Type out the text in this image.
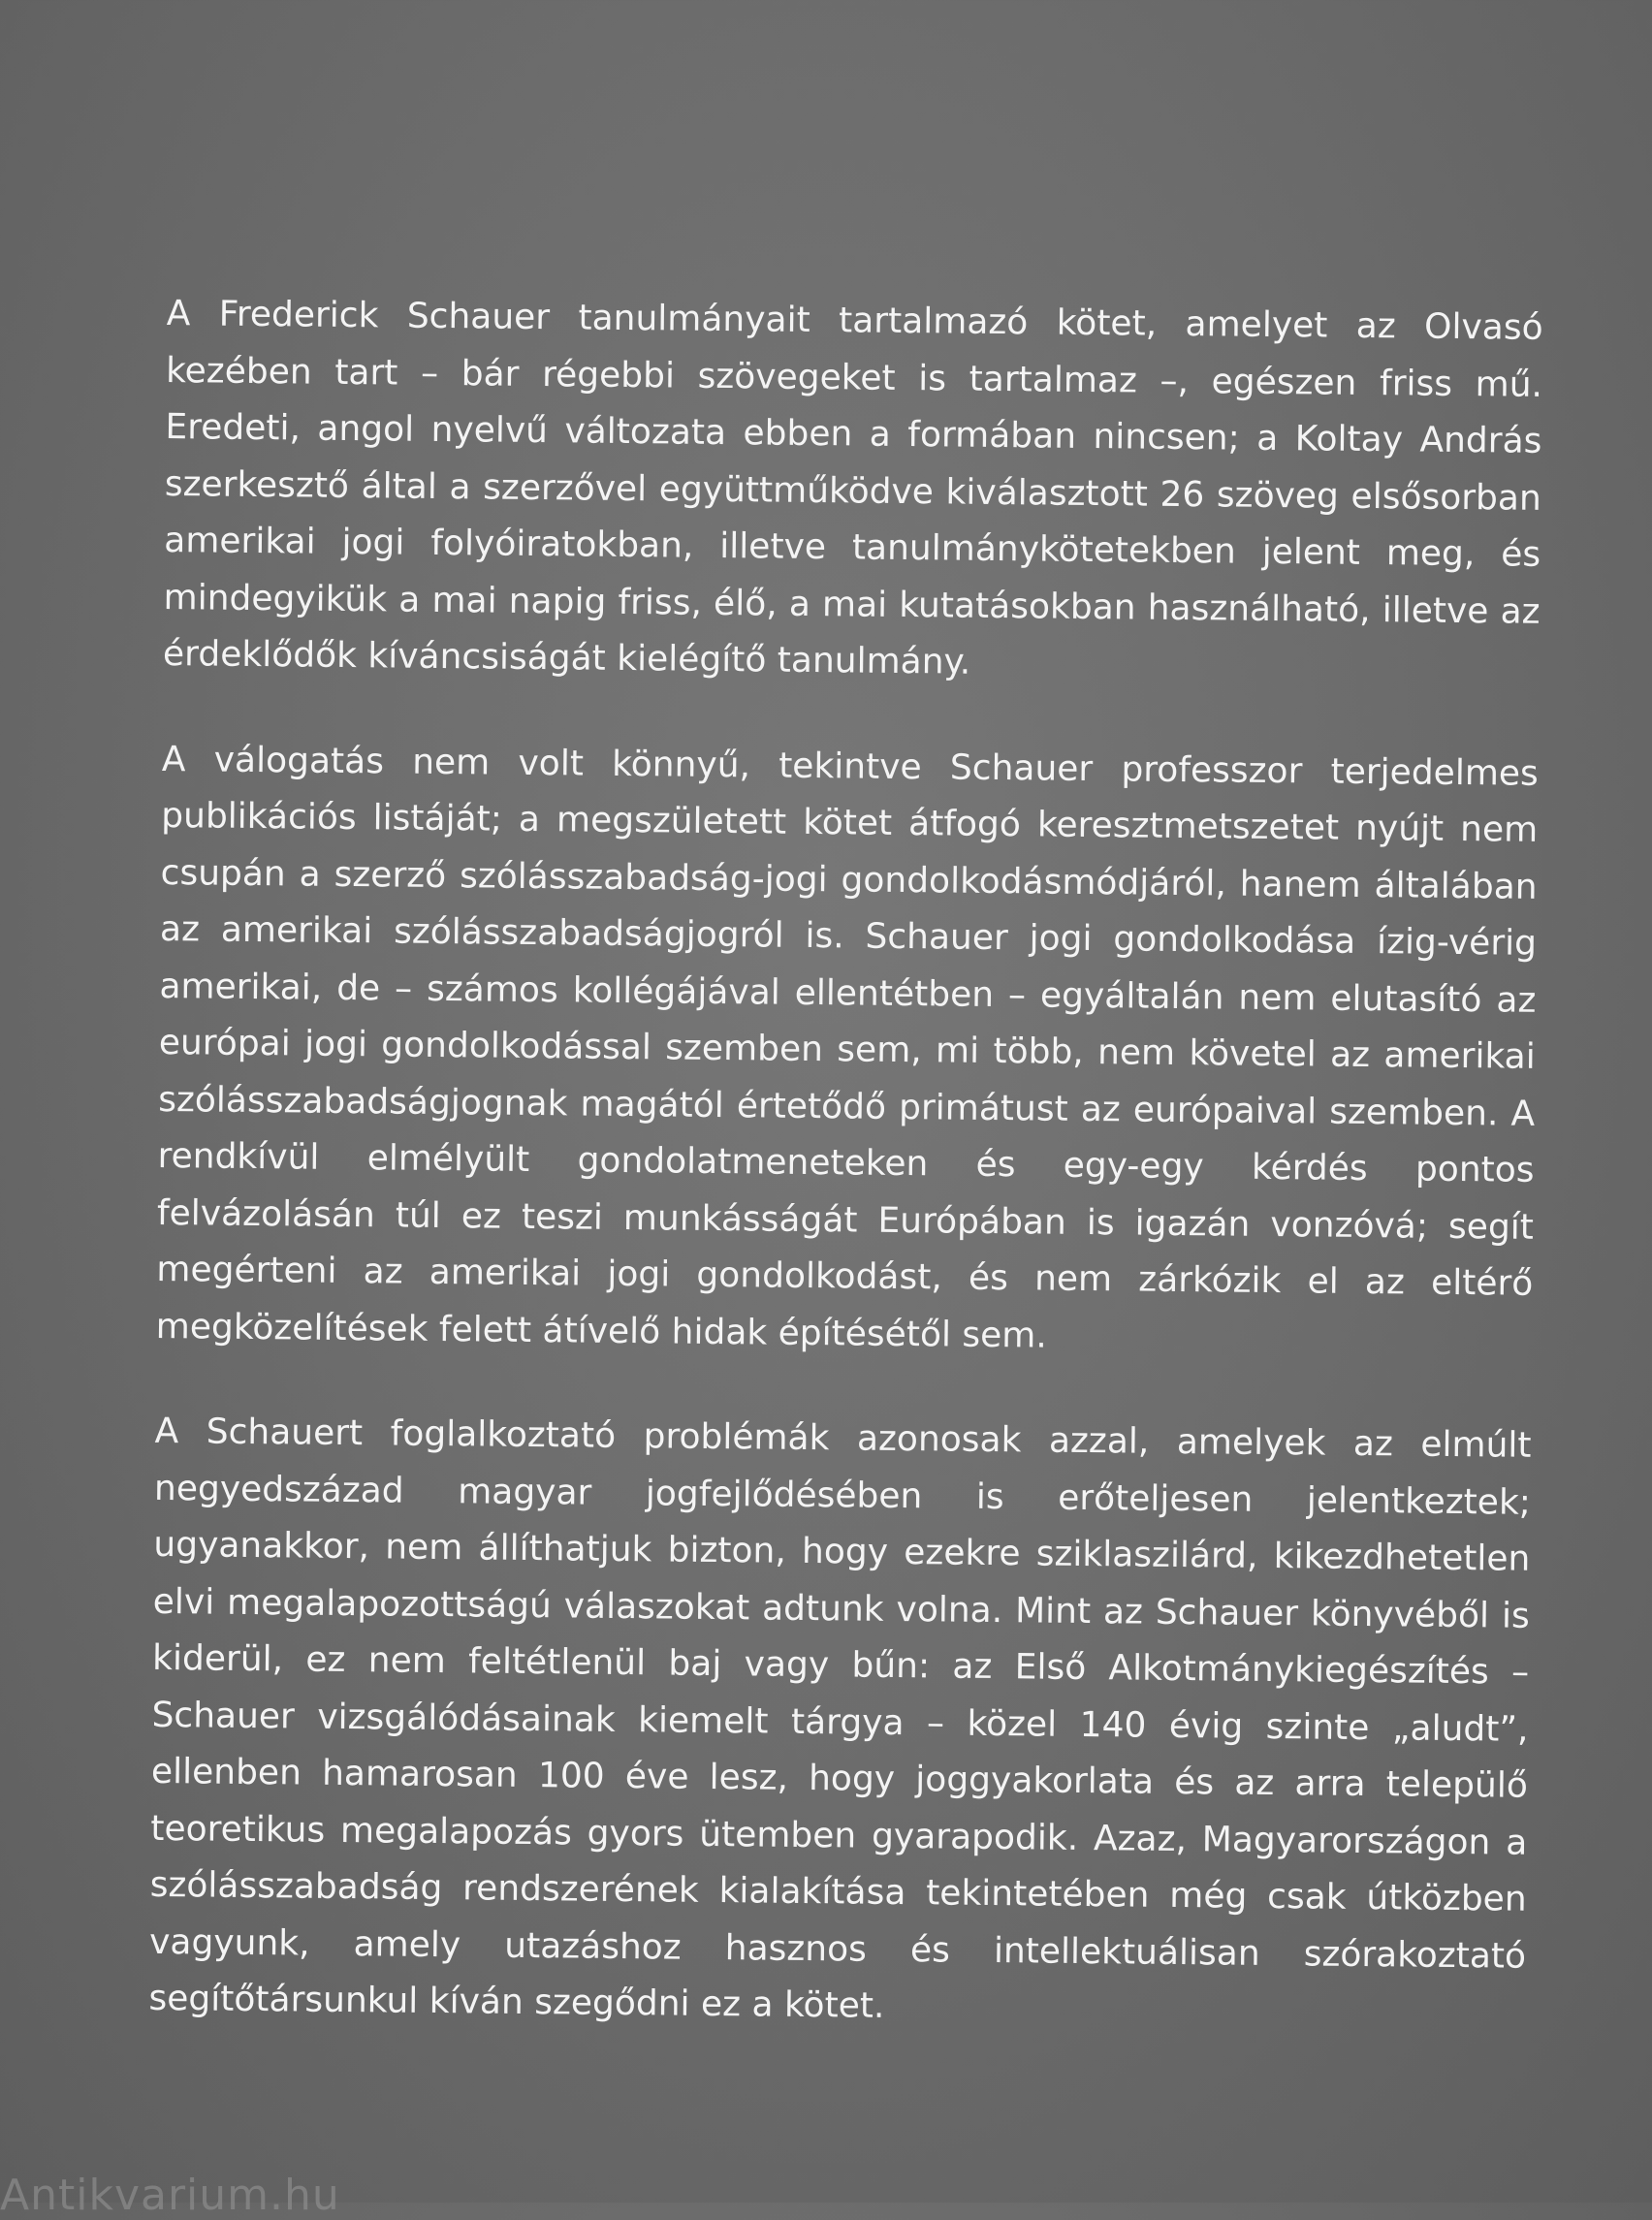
A Frederick Schauer tanulmányait tartalmazó kötet, amelyet az Olvasó kezében tart – bár régebbi szövegeket is tartalmaz –, egészen friss mű. Eredeti, angol nyelvű változata ebben a formában nincsen; a Koltay András szerkesztő által a szerzővel együttműködve kiválasztott 26 szöveg elsősorban amerikai jogi folyóiratokban, illetve tanulmánykötetekben jelent meg, és mindegyikük a mai napig friss, élő, a mai kutatásokban használható, illetve az érdeklődők kíváncsiságát kielégítő tanulmány.

A válogatás nem volt könnyű, tekintve Schauer professzor terjedelmes publikációs listáját; a megszületett kötet átfogó keresztmetszetet nyújt nem csupán a szerző szólásszabadság-jogi gondolkodásmódjáról, hanem általában az amerikai szólásszabadságjogról is. Schauer jogi gondolkodása ízig-vérig amerikai, de – számos kollégájával ellentétben – egyáltalán nem elutasító az európai jogi gondolkodással szemben sem, mi több, nem követel az amerikai szólásszabadságjognak magától értetődő primátust az európaival szemben. A rendkívül elmélyült gondolatmeneteken és egy-egy kérdés pontos felvázolásán túl ez teszi munkásságát Európában is igazán vonzóvá; segít megérteni az amerikai jogi gondolkodást, és nem zárkózik el az eltérő megközelítések felett átívelő hidak építésétől sem.

A Schauert foglalkoztató problémák azonosak azzal, amelyek az elmúlt negyedszázad magyar jogfejlődésében is erőteljesen jelentkeztek; ugyanakkor, nem állíthatjuk bizton, hogy ezekre sziklaszilárd, kikezdhetetlen elvi megalapozottságú válaszokat adtunk volna. Mint az Schauer könyvéből is kiderül, ez nem feltétlenül baj vagy bűn: az Első Alkotmánykiegészítés – Schauer vizsgálódásainak kiemelt tárgya – közel 140 évig szinte „aludt”, ellenben hamarosan 100 éve lesz, hogy joggyakorlata és az arra települő teoretikus megalapozás gyors ütemben gyarapodik. Azaz, Magyarországon a szólásszabadság rendszerének kialakítása tekintetében még csak útközben vagyunk, amely utazáshoz hasznos és intellektuálisan szórakoztató segítőtársunkul kíván szegődni ez a kötet.

Antikvarium.hu
